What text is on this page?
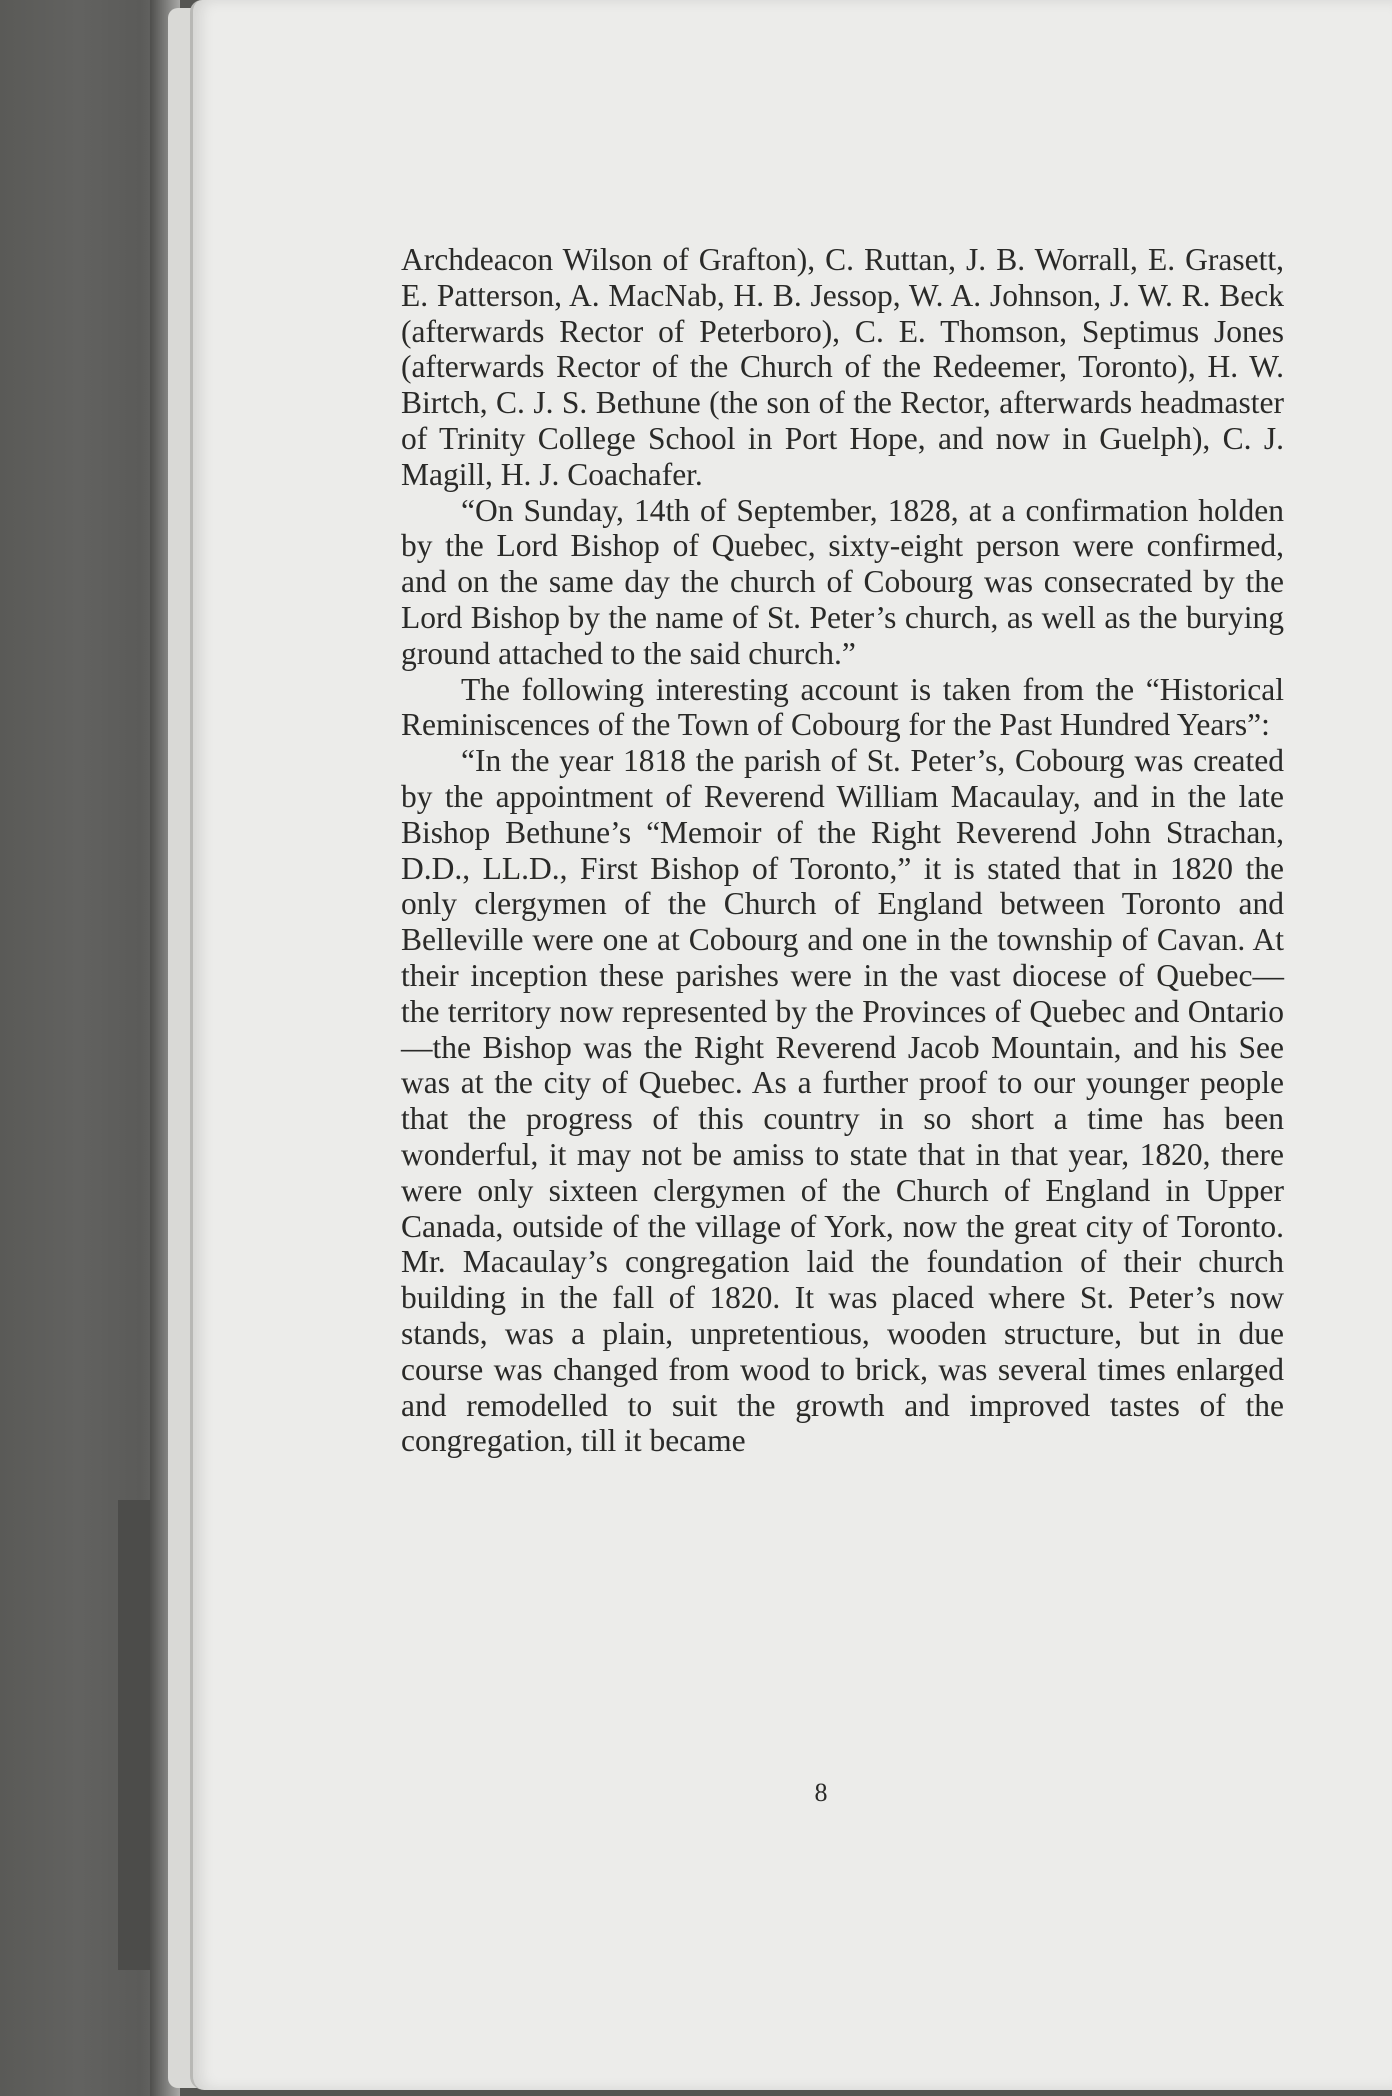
Archdeacon Wilson of Grafton), C. Ruttan, J. B. Worrall, E. Grasett, E. Patterson, A. MacNab, H. B. Jessop, W. A. Johnson, J. W. R. Beck (afterwards Rector of Peterboro), C. E. Thomson, Septimus Jones (afterwards Rector of the Church of the Redeemer, Toronto), H. W. Birtch, C. J. S. Bethune (the son of the Rector, afterwards headmaster of Trinity College School in Port Hope, and now in Guelph), C. J. Magill, H. J. Coachafer.

“On Sunday, 14th of September, 1828, at a confirmation holden by the Lord Bishop of Quebec, sixty-eight person were confirmed, and on the same day the church of Cobourg was consecrated by the Lord Bishop by the name of St. Peter’s church, as well as the burying ground attached to the said church.”

The following interesting account is taken from the “Historical Reminiscences of the Town of Cobourg for the Past Hundred Years”:

“In the year 1818 the parish of St. Peter’s, Cobourg was created by the appointment of Reverend William Macaulay, and in the late Bishop Bethune’s “Memoir of the Right Reverend John Strachan, D.D., LL.D., First Bishop of Toronto,” it is stated that in 1820 the only clergymen of the Church of England between Toronto and Belleville were one at Cobourg and one in the township of Cavan. At their inception these parishes were in the vast diocese of Quebec—the territory now represented by the Provinces of Quebec and Ontario—the Bishop was the Right Reverend Jacob Mountain, and his See was at the city of Quebec. As a further proof to our younger people that the progress of this country in so short a time has been wonderful, it may not be amiss to state that in that year, 1820, there were only sixteen clergymen of the Church of England in Upper Canada, outside of the village of York, now the great city of Toronto. Mr. Macaulay’s congregation laid the foundation of their church building in the fall of 1820. It was placed where St. Peter’s now stands, was a plain, unpretentious, wooden structure, but in due course was changed from wood to brick, was several times enlarged and remodelled to suit the growth and improved tastes of the congregation, till it became

8
